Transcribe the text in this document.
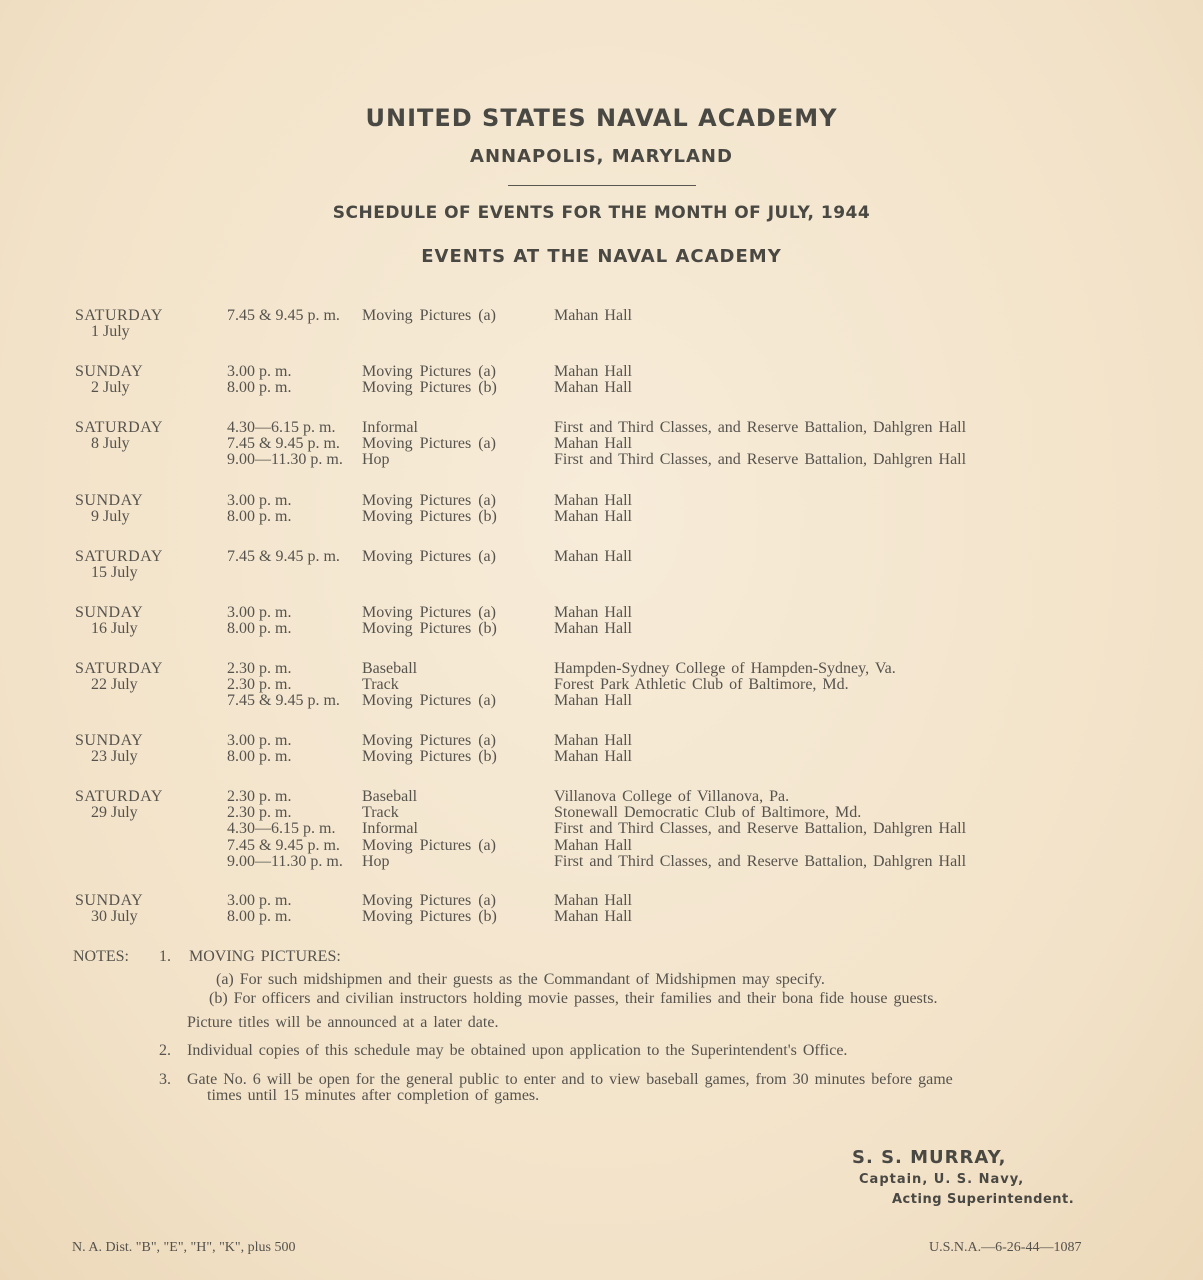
UNITED STATES NAVAL ACADEMY
ANNAPOLIS, MARYLAND
SCHEDULE OF EVENTS FOR THE MONTH OF JULY, 1944
EVENTS AT THE NAVAL ACADEMY
SATURDAY
1 July
7.45 & 9.45 p. m. Moving Pictures (a)	Mahan Hall
SUNDAY
2 July
3.00 p. m.	Moving Pictures (a)	Mahan Hall
8.00 p. m.	Moving Pictures (b)	Mahan Hall
SATURDAY
8 July
4.30—6.15 p. m. Informal	First and Third Classes, and Reserve Battalion, Dahlgren Hall
7.45 & 9.45 p. m. Moving Pictures (a)	Mahan Hall
9.00—11.30 p. m. Hop	First and Third Classes, and Reserve Battalion, Dahlgren Hall
SUNDAY
9 July
3.00 p. m.	Moving Pictures (a)	Mahan Hall
8.00 p. m.	Moving Pictures (b)	Mahan Hall
SATURDAY
15 July
7.45 & 9.45 p. m. Moving Pictures (a)	Mahan Hall
SUNDAY
16 July
3.00 p. m.	Moving Pictures (a)	Mahan Hall
8.00 p. m.	Moving Pictures (b)	Mahan Hall
SATURDAY
22 July
2.30 p. m.	Baseball	Hampden-Sydney College of Hampden-Sydney, Va.
2.30 p. m.	Track	Forest Park Athletic Club of Baltimore, Md.
7.45 & 9.45 p. m. Moving Pictures (a)	Mahan Hall
SUNDAY
23 July
3.00 p. m.	Moving Pictures (a)	Mahan Hall
8.00 p. m.	Moving Pictures (b)	Mahan Hall
SATURDAY
29 July
2.30 p. m.	Baseball	Villanova College of Villanova, Pa.
2.30 p. m.	Track	Stonewall Democratic Club of Baltimore, Md.
4.30—6.15 p. m. Informal	First and Third Classes, and Reserve Battalion, Dahlgren Hall
7.45 & 9.45 p. m. Moving Pictures (a)	Mahan Hall
9.00—11.30 p. m. Hop	First and Third Classes, and Reserve Battalion, Dahlgren Hall
SUNDAY
30 July
3.00 p. m.	Moving Pictures (a)	Mahan Hall
8.00 p. m.	Moving Pictures (b)	Mahan Hall
NOTES: 1. MOVING PICTURES:
(a) For such midshipmen and their guests as the Commandant of Midshipmen may specify.
(b) For officers and civilian instructors holding movie passes, their families and their bona fide house guests.
Picture titles will be announced at a later date.
2. Individual copies of this schedule may be obtained upon application to the Superintendent's Office.
3. Gate No. 6 will be open for the general public to enter and to view baseball games, from 30 minutes before game
times until 15 minutes after completion of games.
S. S. MURRAY,
Captain, U. S. Navy,
Acting Superintendent.
N. A. Dist. "B", "E", "H", "K", plus 500	U.S.N.A.—6-26-44—1087
